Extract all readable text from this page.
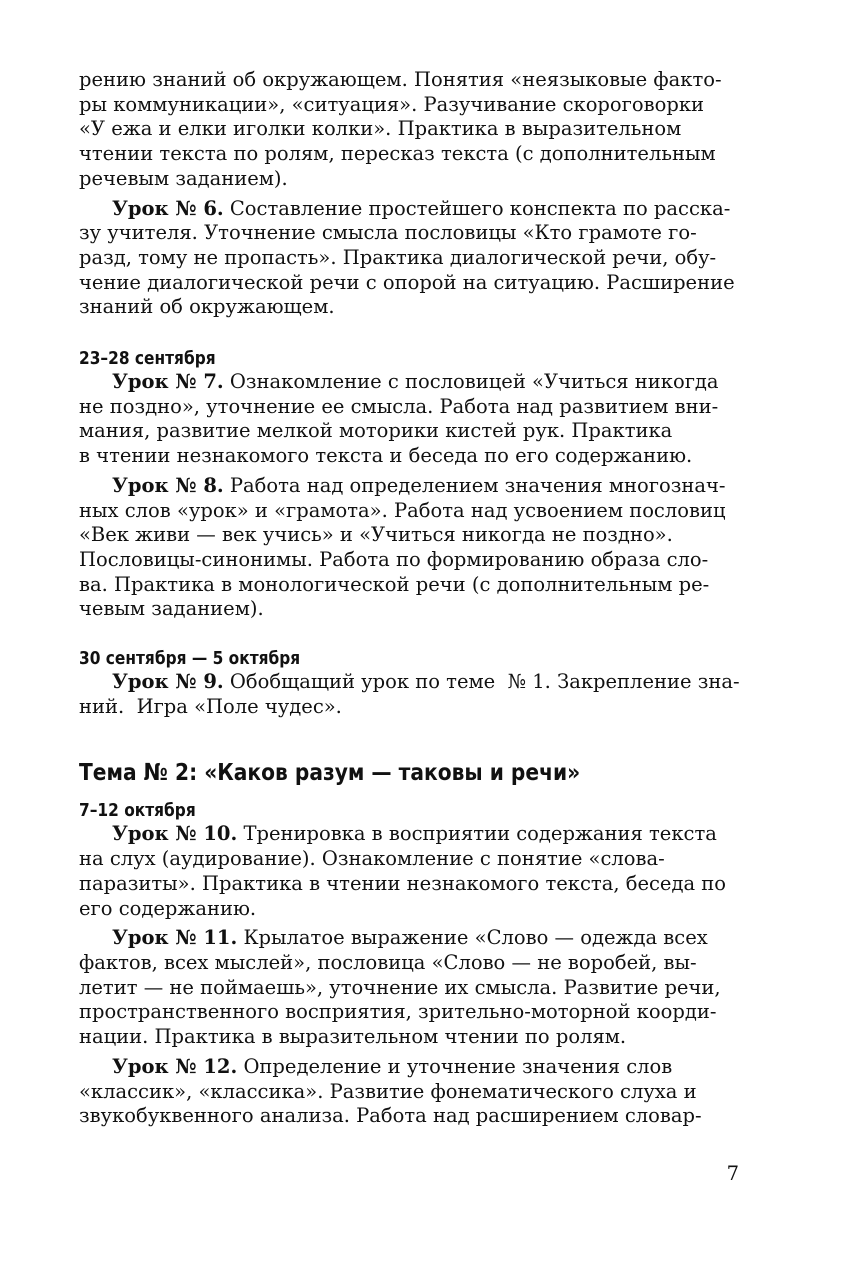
рению знаний об окружающем. Понятия «неязыковые факто-
ры коммуникации», «ситуация». Разучивание скороговорки
«У ежа и елки иголки колки». Практика в выразительном
чтении текста по ролям, пересказ текста (с дополнительным
речевым заданием).

Урок № 6. Составление простейшего конспекта по расска-
зу учителя. Уточнение смысла пословицы «Кто грамоте го-
разд, тому не пропасть». Практика диалогической речи, обу-
чение диалогической речи с опорой на ситуацию. Расширение
знаний об окружающем.

23–28 сентября

Урок № 7. Ознакомление с пословицей «Учиться никогда
не поздно», уточнение ее смысла. Работа над развитием вни-
мания, развитие мелкой моторики кистей рук. Практика
в чтении незнакомого текста и беседа по его содержанию.

Урок № 8. Работа над определением значения многознач-
ных слов «урок» и «грамота». Работа над усвоением пословиц
«Век живи — век учись» и «Учиться никогда не поздно».
Пословицы-синонимы. Работа по формированию образа сло-
ва. Практика в монологической речи (с дополнительным ре-
чевым заданием).

30 сентября — 5 октября

Урок № 9. Обобщащий урок по теме  № 1. Закрепление зна-
ний.  Игра «Поле чудес».

Тема № 2: «Каков разум — таковы и речи»

7–12 октября

Урок № 10. Тренировка в восприятии содержания текста
на слух (аудирование). Ознакомление с понятие «слова-
паразиты». Практика в чтении незнакомого текста, беседа по
его содержанию.

Урок № 11. Крылатое выражение «Слово — одежда всех
фактов, всех мыслей», пословица «Слово — не воробей, вы-
летит — не поймаешь», уточнение их смысла. Развитие речи,
пространственного восприятия, зрительно-моторной коорди-
нации. Практика в выразительном чтении по ролям.

Урок № 12. Определение и уточнение значения слов
«классик», «классика». Развитие фонематического слуха и
звукобуквенного анализа. Работа над расширением словар-

7
